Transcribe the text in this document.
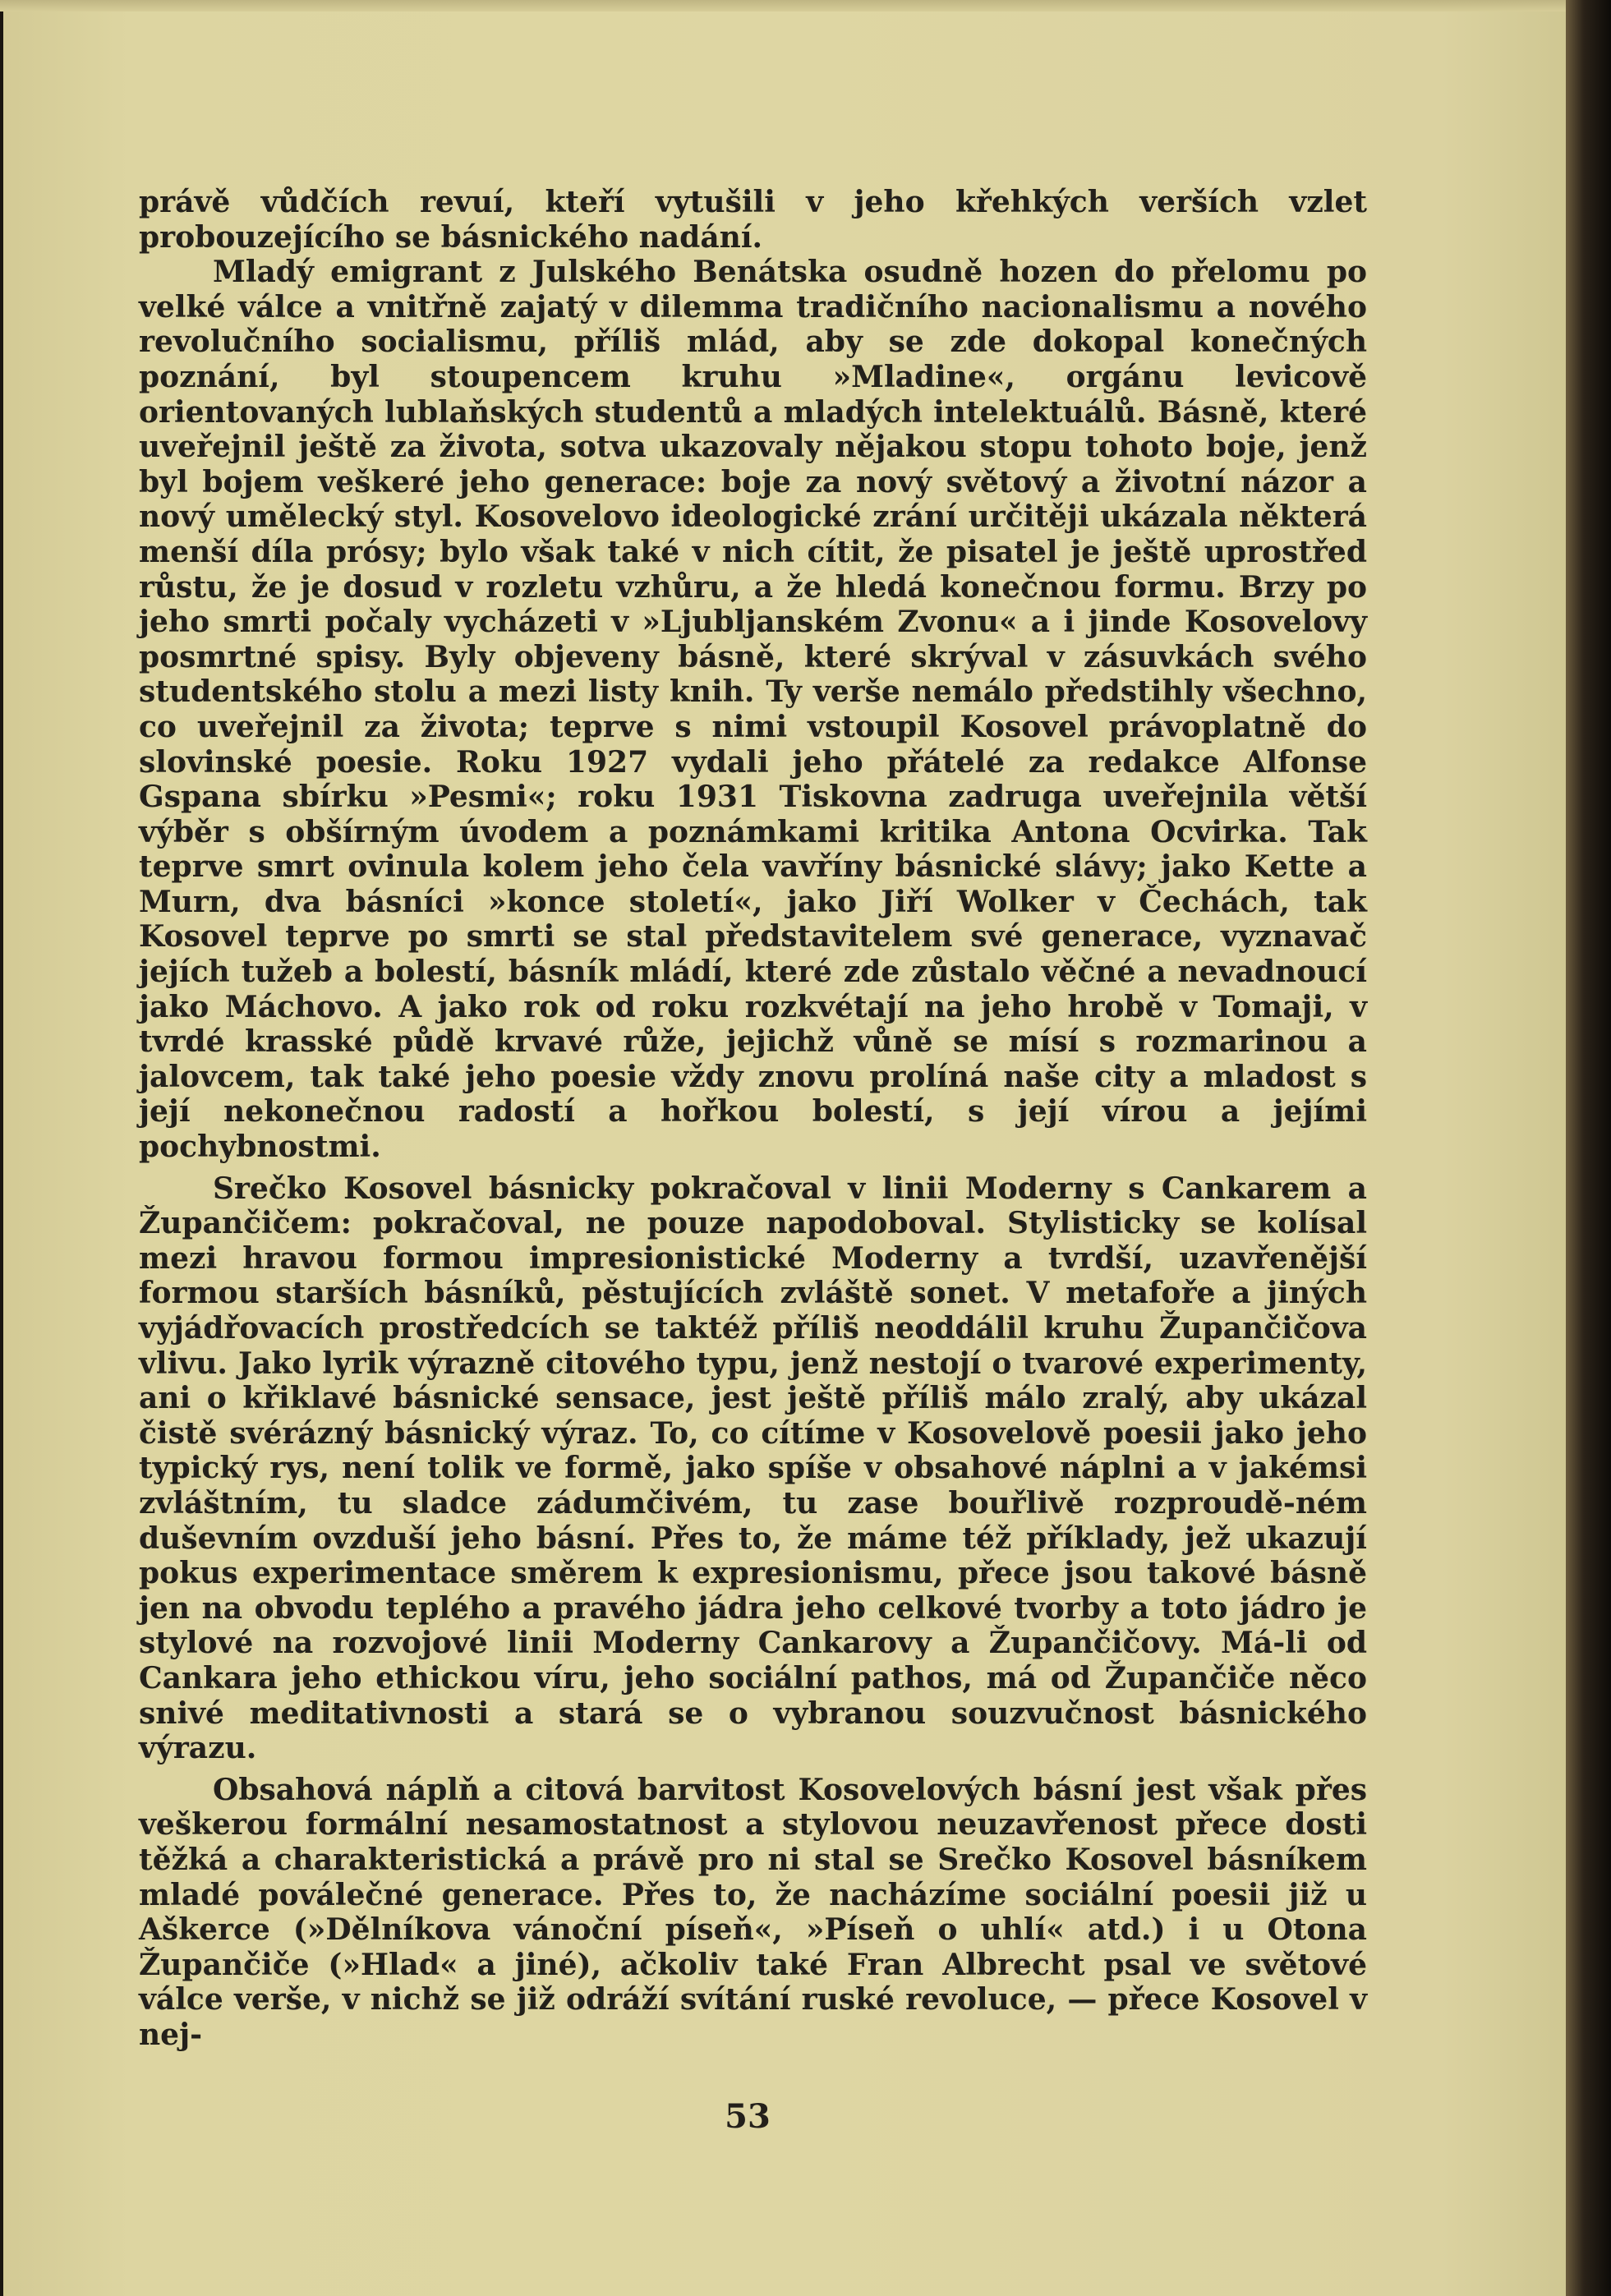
právě vůdčích revuí, kteří vytušili v jeho křehkých verších vzlet probouzejícího se básnického nadání.

Mladý emigrant z Julského Benátska osudně hozen do přelomu po velké válce a vnitřně zajatý v dilemma tradičního nacionalismu a nového revolučního socialismu, příliš mlád, aby se zde dokopal konečných poznání, byl stoupencem kruhu »Mladine«, orgánu levicově orientovaných lublaňských studentů a mladých intelektuálů. Básně, které uveřejnil ještě za života, sotva ukazovaly nějakou stopu tohoto boje, jenž byl bojem veškeré jeho generace: boje za nový světový a životní názor a nový umělecký styl. Kosovelovo ideologické zrání určitěji ukázala některá menší díla prósy; bylo však také v nich cítit, že pisatel je ještě uprostřed růstu, že je dosud v rozletu vzhůru, a že hledá konečnou formu. Brzy po jeho smrti počaly vycházeti v »Ljubljanském Zvonu« a i jinde Kosovelovy posmrtné spisy. Byly objeveny básně, které skrýval v zásuvkách svého studentského stolu a mezi listy knih. Ty verše nemálo předstihly všechno, co uveřejnil za života; teprve s nimi vstoupil Kosovel právoplatně do slovinské poesie. Roku 1927 vydali jeho přátelé za redakce Alfonse Gspana sbírku »Pesmi«; roku 1931 Tiskovna zadruga uveřejnila větší výběr s obšírným úvodem a poznámkami kritika Antona Ocvirka. Tak teprve smrt ovinula kolem jeho čela vavříny básnické slávy; jako Kette a Murn, dva básníci »konce století«, jako Jiří Wolker v Čechách, tak Kosovel teprve po smrti se stal představitelem své generace, vyznavač jejích tužeb a bolestí, básník mládí, které zde zůstalo věčné a nevadnoucí jako Máchovo. A jako rok od roku rozkvétají na jeho hrobě v Tomaji, v tvrdé krasské půdě krvavé růže, jejichž vůně se mísí s rozmarinou a jalovcem, tak také jeho poesie vždy znovu prolíná naše city a mladost s její nekonečnou radostí a hořkou bolestí, s její vírou a jejími pochybnostmi.

Srečko Kosovel básnicky pokračoval v linii Moderny s Cankarem a Župančičem: pokračoval, ne pouze napodoboval. Stylisticky se kolísal mezi hravou formou impresionistické Moderny a tvrdší, uzavřenější formou starších básníků, pěstujících zvláště sonet. V metafoře a jiných vyjádřovacích prostředcích se taktéž příliš neoddálil kruhu Župančičova vlivu. Jako lyrik výrazně citového typu, jenž nestojí o tvarové experimenty, ani o křiklavé básnické sensace, jest ještě příliš málo zralý, aby ukázal čistě svérázný básnický výraz. To, co cítíme v Kosovelově poesii jako jeho typický rys, není tolik ve formě, jako spíše v obsahové náplni a v jakémsi zvláštním, tu sladce zádumčivém, tu zase bouřlivě rozproudě-ném duševním ovzduší jeho básní. Přes to, že máme též příklady, jež ukazují pokus experimentace směrem k expresionismu, přece jsou takové básně jen na obvodu teplého a pravého jádra jeho celkové tvorby a toto jádro je stylové na rozvojové linii Moderny Cankarovy a Župančičovy. Má-li od Cankara jeho ethickou víru, jeho sociální pathos, má od Župančiče něco snivé meditativnosti a stará se o vybranou souzvučnost básnického výrazu.

Obsahová náplň a citová barvitost Kosovelových básní jest však přes veškerou formální nesamostatnost a stylovou neuzavřenost přece dosti těžká a charakteristická a právě pro ni stal se Srečko Kosovel básníkem mladé poválečné generace. Přes to, že nacházíme sociální poesii již u Aškerce (»Dělníkova vánoční píseň«, »Píseň o uhlí« atd.) i u Otona Župančiče (»Hlad« a jiné), ačkoliv také Fran Albrecht psal ve světové válce verše, v nichž se již odráží svítání ruské revoluce, — přece Kosovel v nej-

53
